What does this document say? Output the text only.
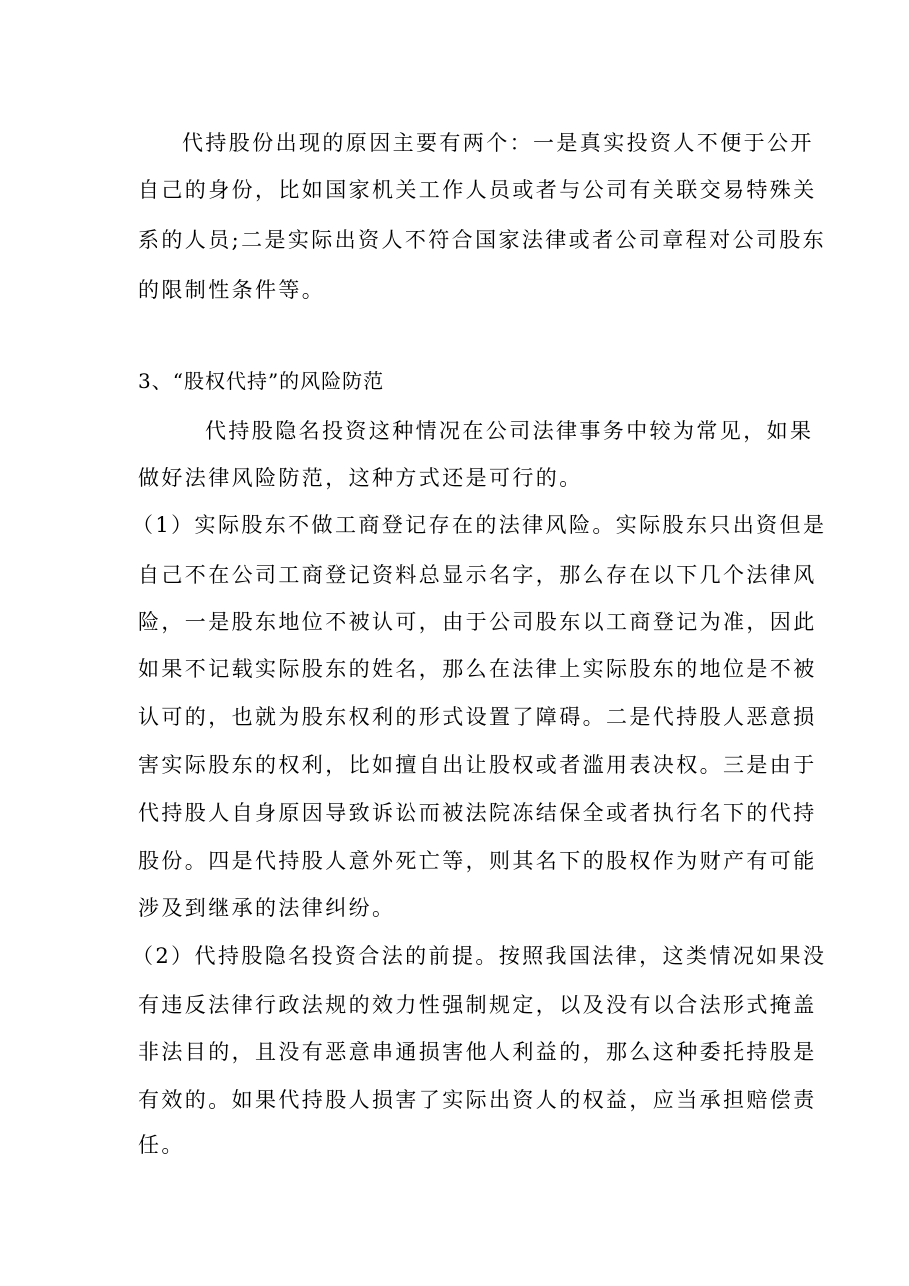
代持股份出现的原因主要有两个：一是真实投资人不便于公开
自己的身份，比如国家机关工作人员或者与公司有关联交易特殊关
系的人员;二是实际出资人不符合国家法律或者公司章程对公司股东
的限制性条件等。
3、“股权代持”的风险防范
代持股隐名投资这种情况在公司法律事务中较为常见，如果
做好法律风险防范，这种方式还是可行的。
（1）实际股东不做工商登记存在的法律风险。实际股东只出资但是
自己不在公司工商登记资料总显示名字，那么存在以下几个法律风
险，一是股东地位不被认可，由于公司股东以工商登记为准，因此
如果不记载实际股东的姓名，那么在法律上实际股东的地位是不被
认可的，也就为股东权利的形式设置了障碍。二是代持股人恶意损
害实际股东的权利，比如擅自出让股权或者滥用表决权。三是由于
代持股人自身原因导致诉讼而被法院冻结保全或者执行名下的代持
股份。四是代持股人意外死亡等，则其名下的股权作为财产有可能
涉及到继承的法律纠纷。
（2）代持股隐名投资合法的前提。按照我国法律，这类情况如果没
有违反法律行政法规的效力性强制规定，以及没有以合法形式掩盖
非法目的，且没有恶意串通损害他人利益的，那么这种委托持股是
有效的。如果代持股人损害了实际出资人的权益，应当承担赔偿责
任。
